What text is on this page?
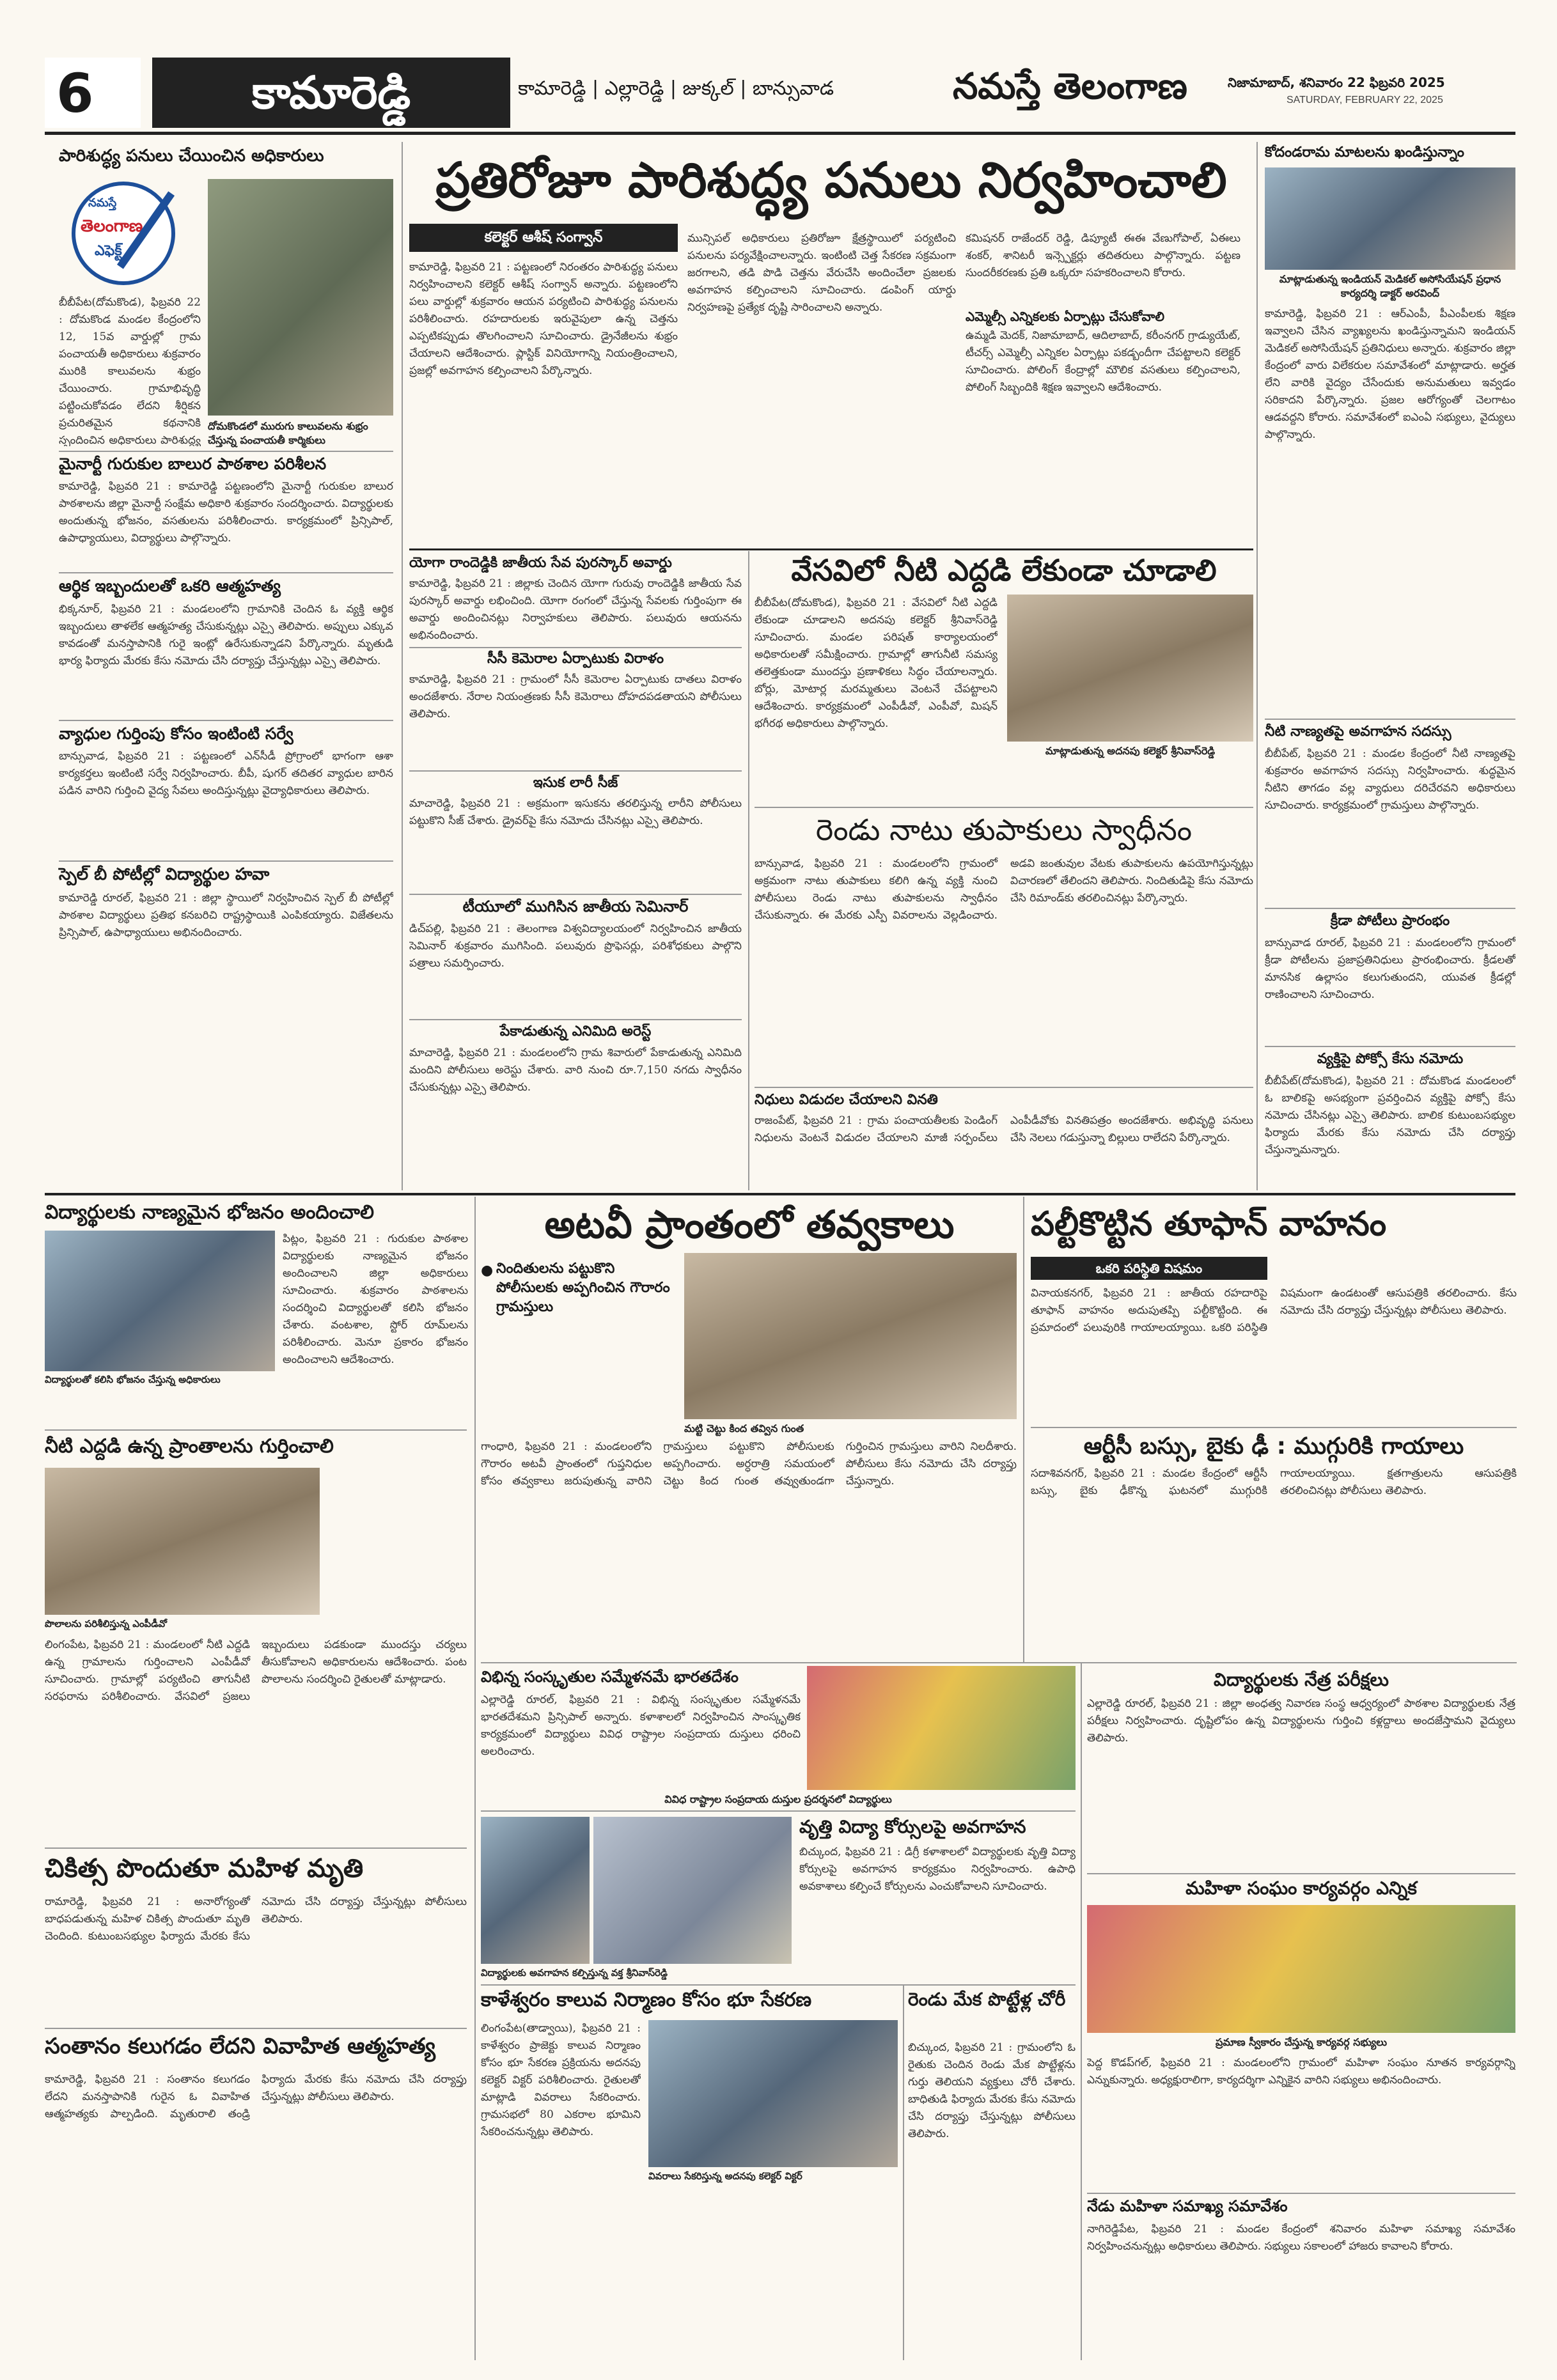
6	కామారెడ్డి	కామారెడ్డి | ఎల్లారెడ్డి | జుక్కల్ | బాన్సువాడ	నమస్తే తెలంగాణ	నిజామాబాద్, శనివారం 22 ఫిబ్రవరి 2025
SATURDAY, FEBRUARY 22, 2025
పారిశుద్ధ్య పనులు చేయించిన అధికారులు
నమస్తే
తెలంగాణ
ఎఫెక్ట్
దోమకొండలో మురుగు కాలువలను శుభ్రం చేస్తున్న పంచాయతీ కార్మికులు
బీబీపేట(దోమకొండ), ఫిబ్రవరి 22 : దోమకొండ మండల కేంద్రంలోని 12, 15వ వార్డుల్లో గ్రామ పంచాయతీ అధికారులు శుక్రవారం మురికి కాలువలను శుభ్రం చేయించారు. గ్రామాభివృద్ధి పట్టించుకోవడం లేదని శీర్షికన ప్రచురితమైన కథనానికి స్పందించిన అధికారులు పారిశుద్ధ్య
మైనార్టీ గురుకుల బాలుర పాఠశాల పరిశీలన
కామారెడ్డి, ఫిబ్రవరి 21 : కామారెడ్డి పట్టణంలోని మైనార్టీ గురుకుల బాలుర పాఠశాలను జిల్లా మైనార్టీ సంక్షేమ అధికారి శుక్రవారం సందర్శించారు. విద్యార్థులకు అందుతున్న భోజనం, వసతులను పరిశీలించారు. కార్యక్రమంలో ప్రిన్సిపాల్, ఉపాధ్యాయులు, విద్యార్థులు పాల్గొన్నారు.
ఆర్థిక ఇబ్బందులతో ఒకరి ఆత్మహత్య
భిక్కనూర్, ఫిబ్రవరి 21 : మండలంలోని గ్రామానికి చెందిన ఓ వ్యక్తి ఆర్థిక ఇబ్బందులు తాళలేక ఆత్మహత్య చేసుకున్నట్లు ఎస్సై తెలిపారు. అప్పులు ఎక్కువ కావడంతో మనస్తాపానికి గురై ఇంట్లో ఉరేసుకున్నాడని పేర్కొన్నారు. మృతుడి భార్య ఫిర్యాదు మేరకు కేసు నమోదు చేసి దర్యాప్తు చేస్తున్నట్లు ఎస్సై తెలిపారు.
వ్యాధుల గుర్తింపు కోసం ఇంటింటి సర్వే
బాన్సువాడ, ఫిబ్రవరి 21 : పట్టణంలో ఎన్‌సీడీ ప్రోగ్రాంలో భాగంగా ఆశా కార్యకర్తలు ఇంటింటి సర్వే నిర్వహించారు. బీపీ, షుగర్ తదితర వ్యాధుల బారిన పడిన వారిని గుర్తించి వైద్య సేవలు అందిస్తున్నట్లు వైద్యాధికారులు తెలిపారు.
స్పెల్ బీ పోటీల్లో విద్యార్థుల హవా
కామారెడ్డి రూరల్, ఫిబ్రవరి 21 : జిల్లా స్థాయిలో నిర్వహించిన స్పెల్ బీ పోటీల్లో పాఠశాల విద్యార్థులు ప్రతిభ కనబరిచి రాష్ట్రస్థాయికి ఎంపికయ్యారు. విజేతలను ప్రిన్సిపాల్, ఉపాధ్యాయులు అభినందించారు.
ప్రతిరోజూ పారిశుద్ధ్య పనులు నిర్వహించాలి
కలెక్టర్ ఆశీష్ సంగ్వాన్
కామారెడ్డి, ఫిబ్రవరి 21 : పట్టణంలో నిరంతరం పారిశుద్ధ్య పనులు నిర్వహించాలని కలెక్టర్ ఆశీష్ సంగ్వాన్ అన్నారు. పట్టణంలోని పలు వార్డుల్లో శుక్రవారం ఆయన పర్యటించి పారిశుద్ధ్య పనులను పరిశీలించారు. రహదారులకు ఇరువైపులా ఉన్న చెత్తను ఎప్పటికప్పుడు తొలగించాలని సూచించారు. డ్రైనేజీలను శుభ్రం చేయాలని ఆదేశించారు. ప్లాస్టిక్ వినియోగాన్ని నియంత్రించాలని, ప్రజల్లో అవగాహన కల్పించాలని పేర్కొన్నారు.
మున్సిపల్ అధికారులు ప్రతిరోజూ క్షేత్రస్థాయిలో పర్యటించి పనులను పర్యవేక్షించాలన్నారు. ఇంటింటి చెత్త సేకరణ సక్రమంగా జరగాలని, తడి పొడి చెత్తను వేరుచేసి అందించేలా ప్రజలకు అవగాహన కల్పించాలని సూచించారు. డంపింగ్ యార్డు నిర్వహణపై ప్రత్యేక దృష్టి సారించాలని అన్నారు.
కమిషనర్ రాజేందర్ రెడ్డి, డిప్యూటీ ఈఈ వేణుగోపాల్, ఏఈలు శంకర్, శానిటరీ ఇన్స్పెక్టర్లు తదితరులు పాల్గొన్నారు. పట్టణ సుందరీకరణకు ప్రతి ఒక్కరూ సహకరించాలని కోరారు.
ఎమ్మెల్సీ ఎన్నికలకు ఏర్పాట్లు చేసుకోవాలి
ఉమ్మడి మెదక్, నిజామాబాద్, ఆదిలాబాద్, కరీంనగర్ గ్రాడ్యుయేట్, టీచర్స్ ఎమ్మెల్సీ ఎన్నికల ఏర్పాట్లు పకడ్బందీగా చేపట్టాలని కలెక్టర్ సూచించారు. పోలింగ్ కేంద్రాల్లో మౌలిక వసతులు కల్పించాలని, పోలింగ్ సిబ్బందికి శిక్షణ ఇవ్వాలని ఆదేశించారు.
కోదండరామ మాటలను ఖండిస్తున్నాం
మాట్లాడుతున్న ఇండియన్ మెడికల్ అసోసియేషన్ ప్రధాన కార్యదర్శి డాక్టర్ అరవింద్
కామారెడ్డి, ఫిబ్రవరి 21 : ఆర్‌ఎంపీ, పీఎంపీలకు శిక్షణ ఇవ్వాలని చేసిన వ్యాఖ్యలను ఖండిస్తున్నామని ఇండియన్ మెడికల్ అసోసియేషన్ ప్రతినిధులు అన్నారు. శుక్రవారం జిల్లా కేంద్రంలో వారు విలేకరుల సమావేశంలో మాట్లాడారు. అర్హత లేని వారికి వైద్యం చేసేందుకు అనుమతులు ఇవ్వడం సరికాదని పేర్కొన్నారు. ప్రజల ఆరోగ్యంతో చెలగాటం ఆడవద్దని కోరారు. సమావేశంలో ఐఎంఏ సభ్యులు, వైద్యులు పాల్గొన్నారు.
నీటి నాణ్యతపై అవగాహన సదస్సు
బీబీపేట్, ఫిబ్రవరి 21 : మండల కేంద్రంలో నీటి నాణ్యతపై శుక్రవారం అవగాహన సదస్సు నిర్వహించారు. శుద్ధమైన నీటిని తాగడం వల్ల వ్యాధులు దరిచేరవని అధికారులు సూచించారు. కార్యక్రమంలో గ్రామస్తులు పాల్గొన్నారు.
క్రీడా పోటీలు ప్రారంభం
బాన్సువాడ రూరల్, ఫిబ్రవరి 21 : మండలంలోని గ్రామంలో క్రీడా పోటీలను ప్రజాప్రతినిధులు ప్రారంభించారు. క్రీడలతో మానసిక ఉల్లాసం కలుగుతుందని, యువత క్రీడల్లో రాణించాలని సూచించారు.
వ్యక్తిపై పోక్సో కేసు నమోదు
బీబీపేట్(దోమకొండ), ఫిబ్రవరి 21 : దోమకొండ మండలంలో ఓ బాలికపై అసభ్యంగా ప్రవర్తించిన వ్యక్తిపై పోక్సో కేసు నమోదు చేసినట్లు ఎస్సై తెలిపారు. బాలిక కుటుంబసభ్యుల ఫిర్యాదు మేరకు కేసు నమోదు చేసి దర్యాప్తు చేస్తున్నామన్నారు.
యోగా రాందెడ్డికి జాతీయ సేవ పురస్కార్ అవార్డు
కామారెడ్డి, ఫిబ్రవరి 21 : జిల్లాకు చెందిన యోగా గురువు రాందెడ్డికి జాతీయ సేవ పురస్కార్ అవార్డు లభించింది. యోగా రంగంలో చేస్తున్న సేవలకు గుర్తింపుగా ఈ అవార్డు అందించినట్లు నిర్వాహకులు తెలిపారు. పలువురు ఆయనను అభినందించారు.
సీసీ కెమెరాల ఏర్పాటుకు విరాళం
కామారెడ్డి, ఫిబ్రవరి 21 : గ్రామంలో సీసీ కెమెరాల ఏర్పాటుకు దాతలు విరాళం అందజేశారు. నేరాల నియంత్రణకు సీసీ కెమెరాలు దోహదపడతాయని పోలీసులు తెలిపారు.
ఇసుక లారీ సీజ్
మాచారెడ్డి, ఫిబ్రవరి 21 : అక్రమంగా ఇసుకను తరలిస్తున్న లారీని పోలీసులు పట్టుకొని సీజ్ చేశారు. డ్రైవర్‌పై కేసు నమోదు చేసినట్లు ఎస్సై తెలిపారు.
టీయూలో ముగిసిన జాతీయ సెమినార్
డిచ్‌పల్లి, ఫిబ్రవరి 21 : తెలంగాణ విశ్వవిద్యాలయంలో నిర్వహించిన జాతీయ సెమినార్ శుక్రవారం ముగిసింది. పలువురు ప్రొఫెసర్లు, పరిశోధకులు పాల్గొని పత్రాలు సమర్పించారు.
పేకాడుతున్న ఎనిమిది అరెస్ట్
మాచారెడ్డి, ఫిబ్రవరి 21 : మండలంలోని గ్రామ శివారులో పేకాడుతున్న ఎనిమిది మందిని పోలీసులు అరెస్టు చేశారు. వారి నుంచి రూ.7,150 నగదు స్వాధీనం చేసుకున్నట్లు ఎస్సై తెలిపారు.
వేసవిలో నీటి ఎద్దడి లేకుండా చూడాలి
బీబీపేట(దోమకొండ), ఫిబ్రవరి 21 : వేసవిలో నీటి ఎద్దడి లేకుండా చూడాలని అదనపు కలెక్టర్ శ్రీనివాస్‌రెడ్డి సూచించారు. మండల పరిషత్ కార్యాలయంలో అధికారులతో సమీక్షించారు. గ్రామాల్లో తాగునీటి సమస్య తలెత్తకుండా ముందస్తు ప్రణాళికలు సిద్ధం చేయాలన్నారు. బోర్లు, మోటార్ల మరమ్మతులు వెంటనే చేపట్టాలని ఆదేశించారు. కార్యక్రమంలో ఎంపీడీవో, ఎంపీవో, మిషన్ భగీరథ అధికారులు పాల్గొన్నారు.
మాట్లాడుతున్న అదనపు కలెక్టర్ శ్రీనివాస్‌రెడ్డి
రెండు నాటు తుపాకులు స్వాధీనం
బాన్సువాడ, ఫిబ్రవరి 21 : మండలంలోని గ్రామంలో అక్రమంగా నాటు తుపాకులు కలిగి ఉన్న వ్యక్తి నుంచి పోలీసులు రెండు నాటు తుపాకులను స్వాధీనం చేసుకున్నారు. ఈ మేరకు ఎస్పీ వివరాలను వెల్లడించారు. అడవి జంతువుల వేటకు తుపాకులను ఉపయోగిస్తున్నట్లు విచారణలో తేలిందని తెలిపారు. నిందితుడిపై కేసు నమోదు చేసి రిమాండ్‌కు తరలించినట్లు పేర్కొన్నారు.
నిధులు విడుదల చేయాలని వినతి
రాజంపేట్, ఫిబ్రవరి 21 : గ్రామ పంచాయతీలకు పెండింగ్ నిధులను వెంటనే విడుదల చేయాలని మాజీ సర్పంచ్‌లు ఎంపీడీవోకు వినతిపత్రం అందజేశారు. అభివృద్ధి పనులు చేసి నెలలు గడుస్తున్నా బిల్లులు రాలేదని పేర్కొన్నారు.
విద్యార్థులకు నాణ్యమైన భోజనం అందించాలి
విద్యార్థులతో కలిసి భోజనం చేస్తున్న అధికారులు
పిట్లం, ఫిబ్రవరి 21 : గురుకుల పాఠశాల విద్యార్థులకు నాణ్యమైన భోజనం అందించాలని జిల్లా అధికారులు సూచించారు. శుక్రవారం పాఠశాలను సందర్శించి విద్యార్థులతో కలిసి భోజనం చేశారు. వంటశాల, స్టోర్ రూమ్‌లను పరిశీలించారు. మెనూ ప్రకారం భోజనం అందించాలని ఆదేశించారు.
నీటి ఎద్దడి ఉన్న ప్రాంతాలను గుర్తించాలి
పొలాలను పరిశీలిస్తున్న ఎంపీడీవో
లింగంపేట, ఫిబ్రవరి 21 : మండలంలో నీటి ఎద్దడి ఉన్న గ్రామాలను గుర్తించాలని ఎంపీడీవో సూచించారు. గ్రామాల్లో పర్యటించి తాగునీటి సరఫరాను పరిశీలించారు. వేసవిలో ప్రజలు ఇబ్బందులు పడకుండా ముందస్తు చర్యలు తీసుకోవాలని అధికారులను ఆదేశించారు. పంట పొలాలను సందర్శించి రైతులతో మాట్లాడారు.
చికిత్స పొందుతూ మహిళ మృతి
రామారెడ్డి, ఫిబ్రవరి 21 : అనారోగ్యంతో బాధపడుతున్న మహిళ చికిత్స పొందుతూ మృతి చెందింది. కుటుంబసభ్యుల ఫిర్యాదు మేరకు కేసు నమోదు చేసి దర్యాప్తు చేస్తున్నట్లు పోలీసులు తెలిపారు.
సంతానం కలుగడం లేదని వివాహిత ఆత్మహత్య
కామారెడ్డి, ఫిబ్రవరి 21 : సంతానం కలుగడం లేదని మనస్తాపానికి గురైన ఓ వివాహిత ఆత్మహత్యకు పాల్పడింది. మృతురాలి తండ్రి ఫిర్యాదు మేరకు కేసు నమోదు చేసి దర్యాప్తు చేస్తున్నట్లు పోలీసులు తెలిపారు.
అటవీ ప్రాంతంలో తవ్వకాలు
● నిందితులను పట్టుకొని పోలీసులకు అప్పగించిన గౌరారం గ్రామస్తులు
మట్టి చెట్టు కింద తవ్విన గుంత
గాంధారి, ఫిబ్రవరి 21 : మండలంలోని గౌరారం అటవీ ప్రాంతంలో గుప్తనిధుల కోసం తవ్వకాలు జరుపుతున్న వారిని గ్రామస్తులు పట్టుకొని పోలీసులకు అప్పగించారు. అర్ధరాత్రి సమయంలో చెట్టు కింద గుంత తవ్వుతుండగా గుర్తించిన గ్రామస్తులు వారిని నిలదీశారు. పోలీసులు కేసు నమోదు చేసి దర్యాప్తు చేస్తున్నారు.
పల్టీకొట్టిన తూఫాన్ వాహనం
ఒకరి పరిస్థితి విషమం
వినాయకనగర్, ఫిబ్రవరి 21 : జాతీయ రహదారిపై తూఫాన్ వాహనం అదుపుతప్పి పల్టీకొట్టింది. ఈ ప్రమాదంలో పలువురికి గాయాలయ్యాయి. ఒకరి పరిస్థితి విషమంగా ఉండటంతో ఆసుపత్రికి తరలించారు. కేసు నమోదు చేసి దర్యాప్తు చేస్తున్నట్లు పోలీసులు తెలిపారు.
ఆర్టీసీ బస్సు, బైకు ఢీ : ముగ్గురికి గాయాలు
సదాశివనగర్, ఫిబ్రవరి 21 : మండల కేంద్రంలో ఆర్టీసీ బస్సు, బైకు ఢీకొన్న ఘటనలో ముగ్గురికి గాయాలయ్యాయి. క్షతగాత్రులను ఆసుపత్రికి తరలించినట్లు పోలీసులు తెలిపారు.
విభిన్న సంస్కృతుల సమ్మేళనమే భారతదేశం
ఎల్లారెడ్డి రూరల్, ఫిబ్రవరి 21 : విభిన్న సంస్కృతుల సమ్మేళనమే భారతదేశమని ప్రిన్సిపాల్ అన్నారు. కళాశాలలో నిర్వహించిన సాంస్కృతిక కార్యక్రమంలో విద్యార్థులు వివిధ రాష్ట్రాల సంప్రదాయ దుస్తులు ధరించి అలరించారు.
వివిధ రాష్ట్రాల సంప్రదాయ దుస్తుల ప్రదర్శనలో విద్యార్థులు
విద్యార్థులకు అవగాహన కల్పిస్తున్న వక్త శ్రీనివాస్‌రెడ్డి
వృత్తి విద్యా కోర్సులపై అవగాహన
బిచ్కుంద, ఫిబ్రవరి 21 : డిగ్రీ కళాశాలలో విద్యార్థులకు వృత్తి విద్యా కోర్సులపై అవగాహన కార్యక్రమం నిర్వహించారు. ఉపాధి అవకాశాలు కల్పించే కోర్సులను ఎంచుకోవాలని సూచించారు.
విద్యార్థులకు నేత్ర పరీక్షలు
ఎల్లారెడ్డి రూరల్, ఫిబ్రవరి 21 : జిల్లా అంధత్వ నివారణ సంస్థ ఆధ్వర్యంలో పాఠశాల విద్యార్థులకు నేత్ర పరీక్షలు నిర్వహించారు. దృష్టిలోపం ఉన్న విద్యార్థులను గుర్తించి కళ్లద్దాలు అందజేస్తామని వైద్యులు తెలిపారు.
మహిళా సంఘం కార్యవర్గం ఎన్నిక
ప్రమాణ స్వీకారం చేస్తున్న కార్యవర్గ సభ్యులు
పెద్ద కొడప్‌గల్, ఫిబ్రవరి 21 : మండలంలోని గ్రామంలో మహిళా సంఘం నూతన కార్యవర్గాన్ని ఎన్నుకున్నారు. అధ్యక్షురాలిగా, కార్యదర్శిగా ఎన్నికైన వారిని సభ్యులు అభినందించారు.
నేడు మహిళా సమాఖ్య సమావేశం
నాగిరెడ్డిపేట, ఫిబ్రవరి 21 : మండల కేంద్రంలో శనివారం మహిళా సమాఖ్య సమావేశం నిర్వహించనున్నట్లు అధికారులు తెలిపారు. సభ్యులు సకాలంలో హాజరు కావాలని కోరారు.
కాళేశ్వరం కాలువ నిర్మాణం కోసం భూ సేకరణ
లింగంపేట(తాడ్వాయి), ఫిబ్రవరి 21 : కాళేశ్వరం ప్రాజెక్టు కాలువ నిర్మాణం కోసం భూ సేకరణ ప్రక్రియను అదనపు కలెక్టర్ విక్టర్ పరిశీలించారు. రైతులతో మాట్లాడి వివరాలు సేకరించారు. గ్రామసభలో 80 ఎకరాల భూమిని సేకరించనున్నట్లు తెలిపారు.
వివరాలు సేకరిస్తున్న అదనపు కలెక్టర్ విక్టర్
రెండు మేక పొట్టేళ్ల చోరీ
బిచ్కుంద, ఫిబ్రవరి 21 : గ్రామంలోని ఓ రైతుకు చెందిన రెండు మేక పొట్టేళ్లను గుర్తు తెలియని వ్యక్తులు చోరీ చేశారు. బాధితుడి ఫిర్యాదు మేరకు కేసు నమోదు చేసి దర్యాప్తు చేస్తున్నట్లు పోలీసులు తెలిపారు.
